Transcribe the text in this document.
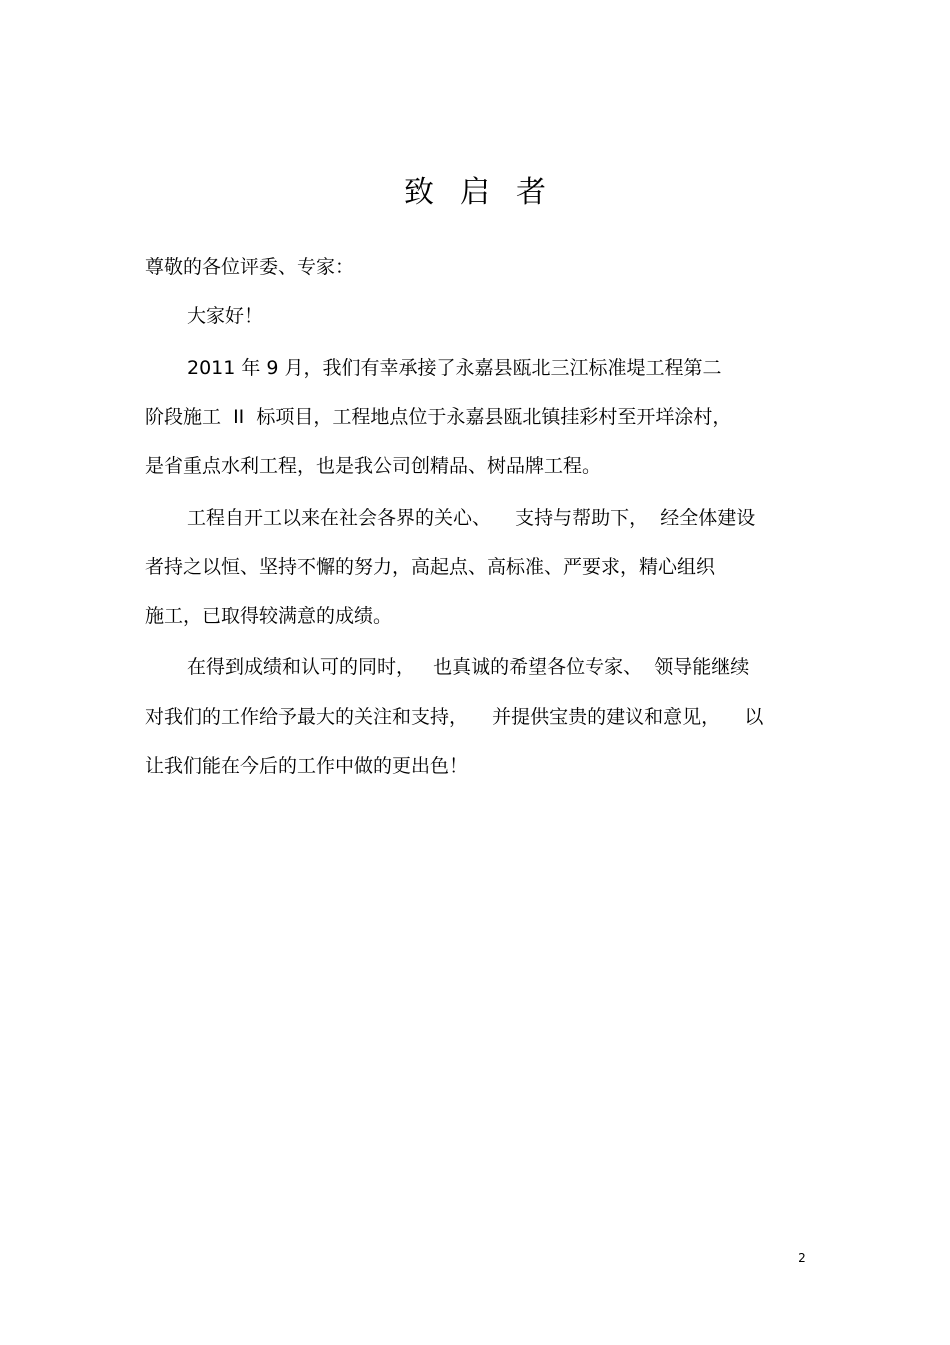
致启者
尊敬的各位评委、专家：
大家好！
2011 年 9 月，我们有幸承接了永嘉县瓯北三江标准堤工程第二
阶段施工  II  标项目，工程地点位于永嘉县瓯北镇挂彩村至开垟涂村，
是省重点水利工程，也是我公司创精品、树品牌工程。
工程自开工以来在社会各界的关心、    支持与帮助下，  经全体建设
者持之以恒、坚持不懈的努力，高起点、高标准、严要求，精心组织
施工，已取得较满意的成绩。
在得到成绩和认可的同时，   也真诚的希望各位专家、  领导能继续
对我们的工作给予最大的关注和支持，    并提供宝贵的建议和意见，    以
让我们能在今后的工作中做的更出色！
2
